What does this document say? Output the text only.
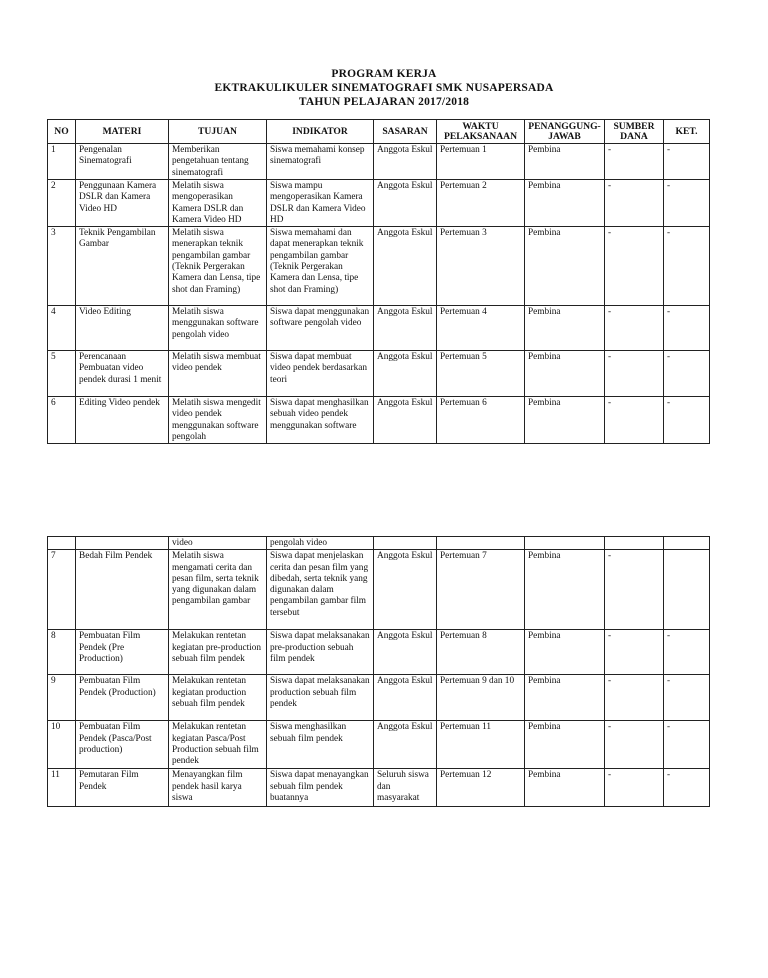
PROGRAM KERJA
EKTRAKULIKULER SINEMATOGRAFI SMK NUSAPERSADA
TAHUN PELAJARAN 2017/2018
NO	MATERI	TUJUAN	INDIKATOR	SASARAN	WAKTU PELAKSANAAN	PENANGGUNG-JAWAB	SUMBER DANA	KET.
1	Pengenalan Sinematografi	Memberikan pengetahuan tentang sinematografi	Siswa memahami konsep sinematografi	Anggota Eskul	Pertemuan 1	Pembina	-	-
2	Penggunaan Kamera DSLR dan Kamera Video HD	Melatih siswa mengoperasikan Kamera DSLR dan Kamera Video HD	Siswa mampu mengoperasikan Kamera DSLR dan Kamera Video HD	Anggota Eskul	Pertemuan 2	Pembina	-	-
3	Teknik Pengambilan Gambar	Melatih siswa menerapkan teknik pengambilan gambar (Teknik Pergerakan Kamera dan Lensa, tipe shot dan Framing)	Siswa memahami dan dapat menerapkan teknik pengambilan gambar (Teknik Pergerakan Kamera dan Lensa, tipe shot dan Framing)	Anggota Eskul	Pertemuan 3	Pembina	-	-
4	Video Editing	Melatih siswa menggunakan software pengolah video	Siswa dapat menggunakan software pengolah video	Anggota Eskul	Pertemuan 4	Pembina	-	-
5	Perencanaan Pembuatan video pendek durasi 1 menit	Melatih siswa membuat video pendek	Siswa dapat membuat video pendek berdasarkan teori	Anggota Eskul	Pertemuan 5	Pembina	-	-
6	Editing Video pendek	Melatih siswa mengedit video pendek menggunakan software pengolah	Siswa dapat menghasilkan sebuah video pendek menggunakan software	Anggota Eskul	Pertemuan 6	Pembina	-	-
		video	pengolah video					
7	Bedah Film Pendek	Melatih siswa mengamati cerita dan pesan film, serta teknik yang digunakan dalam pengambilan gambar	Siswa dapat menjelaskan cerita dan pesan film yang dibedah, serta teknik yang digunakan dalam pengambilan gambar film tersebut	Anggota Eskul	Pertemuan 7	Pembina	-	
8	Pembuatan Film Pendek (Pre Production)	Melakukan rentetan kegiatan pre-production sebuah film pendek	Siswa dapat melaksanakan pre-production sebuah film pendek	Anggota Eskul	Pertemuan 8	Pembina	-	-
9	Pembuatan Film Pendek (Production)	Melakukan rentetan kegiatan production sebuah film pendek	Siswa dapat melaksanakan production sebuah film pendek	Anggota Eskul	Pertemuan 9 dan 10	Pembina	-	-
10	Pembuatan Film Pendek (Pasca/Post production)	Melakukan rentetan kegiatan Pasca/Post Production sebuah film pendek	Siswa menghasilkan sebuah film pendek	Anggota Eskul	Pertemuan 11	Pembina	-	-
11	Pemutaran Film Pendek	Menayangkan film pendek hasil karya siswa	Siswa dapat menayangkan sebuah film pendek buatannya	Seluruh siswa dan masyarakat	Pertemuan 12	Pembina	-	-
